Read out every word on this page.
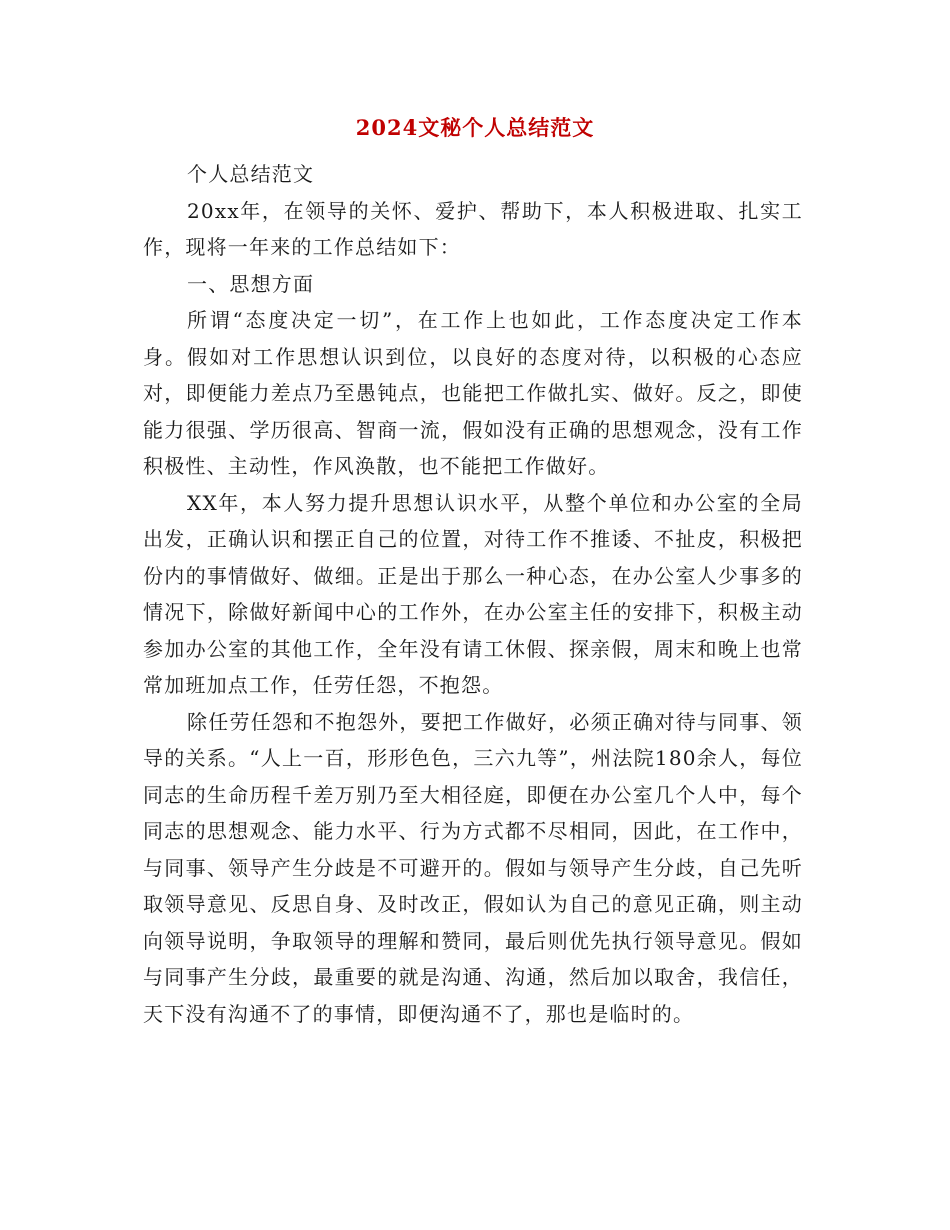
2024文秘个人总结范文

个人总结范文

20xx年，在领导的关怀、爱护、帮助下，本人积极进取、扎实工作，现将一年来的工作总结如下：

一、思想方面

所谓“态度决定一切”，在工作上也如此，工作态度决定工作本身。假如对工作思想认识到位，以良好的态度对待，以积极的心态应对，即便能力差点乃至愚钝点，也能把工作做扎实、做好。反之，即使能力很强、学历很高、智商一流，假如没有正确的思想观念，没有工作积极性、主动性，作风涣散，也不能把工作做好。

XX年，本人努力提升思想认识水平，从整个单位和办公室的全局出发，正确认识和摆正自己的位置，对待工作不推诿、不扯皮，积极把份内的事情做好、做细。正是出于那么一种心态，在办公室人少事多的情况下，除做好新闻中心的工作外，在办公室主任的安排下，积极主动参加办公室的其他工作，全年没有请工休假、探亲假，周末和晚上也常常加班加点工作，任劳任怨，不抱怨。

除任劳任怨和不抱怨外，要把工作做好，必须正确对待与同事、领导的关系。“人上一百，形形色色，三六九等”，州法院180余人，每位同志的生命历程千差万别乃至大相径庭，即便在办公室几个人中，每个同志的思想观念、能力水平、行为方式都不尽相同，因此，在工作中，与同事、领导产生分歧是不可避开的。假如与领导产生分歧，自己先听取领导意见、反思自身、及时改正，假如认为自己的意见正确，则主动向领导说明，争取领导的理解和赞同，最后则优先执行领导意见。假如与同事产生分歧，最重要的就是沟通、沟通，然后加以取舍，我信任，天下没有沟通不了的事情，即便沟通不了，那也是临时的。
